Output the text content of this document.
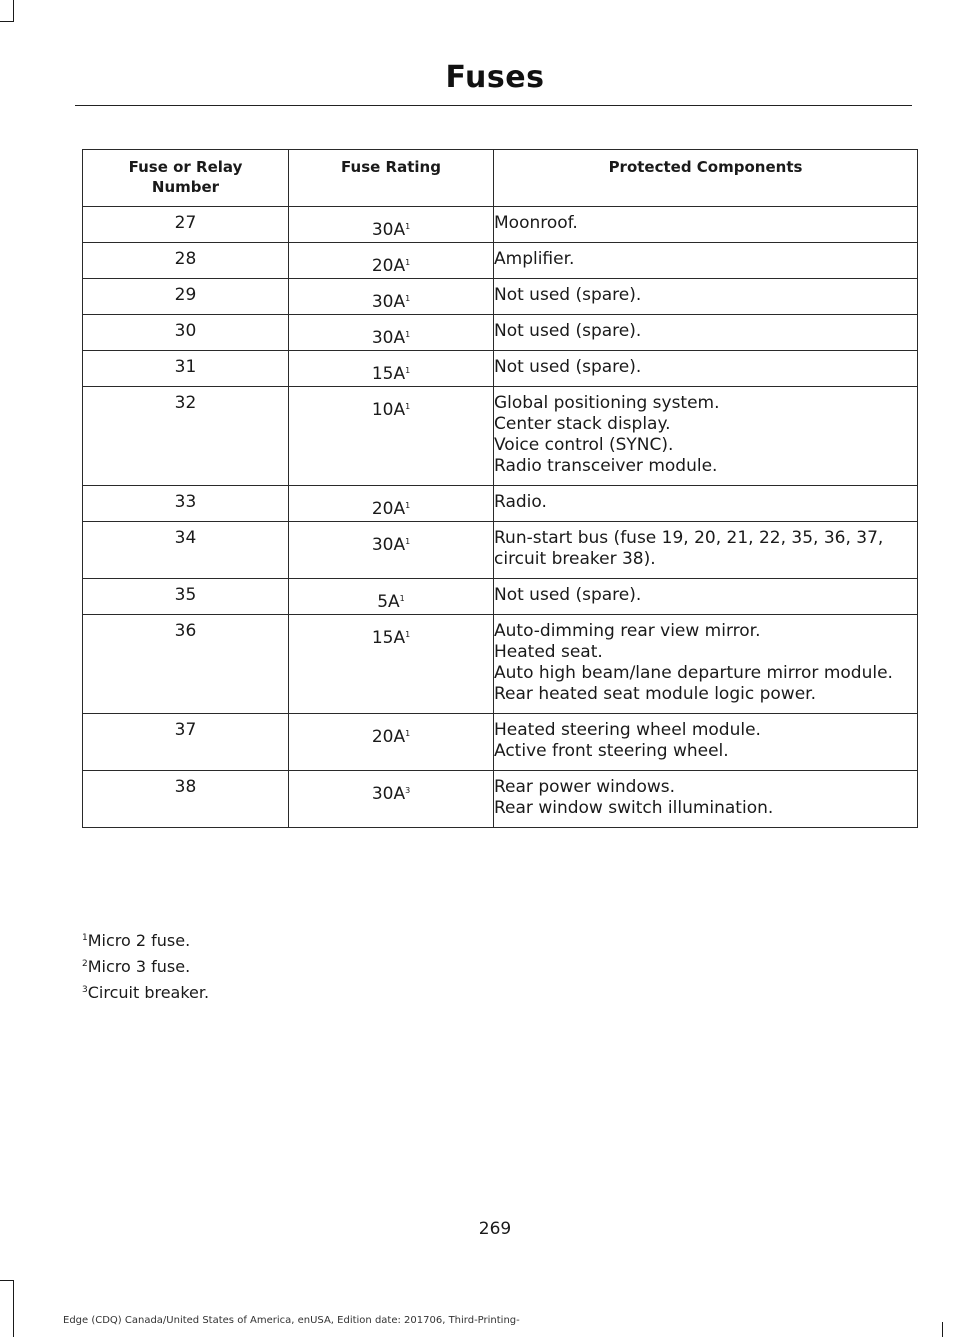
Fuses
Fuse or Relay Number	Fuse Rating	Protected Components
27	$30A^1$	Moonroof.

28	$20A^1$	Amplifier.

29	$30A^1$	Not used (spare).

30	$30A^1$	Not used (spare).

31	$15A^1$	Not used (spare).

32	$10A^1$	Global positioning system.
Center stack display.
Voice control (SYNC).
Radio transceiver module.

33	$20A^1$	Radio.

34	$30A^1$	Run-start bus (fuse 19, 20, 21, 22, 35, 36, 37, circuit breaker 38).

35	$5A^1$	Not used (spare).

36	$15A^1$	Auto-dimming rear view mirror.
Heated seat.
Auto high beam/lane departure mirror module.
Rear heated seat module logic power.

37	$20A^1$	Heated steering wheel module.
Active front steering wheel.

38	$30A^3$	Rear power windows.
Rear window switch illumination.
$^1$Micro 2 fuse.
$^2$Micro 3 fuse.
$^3$Circuit breaker.
269
Edge (CDQ) Canada/United States of America, enUSA, Edition date: 201706, Third-Printing-
